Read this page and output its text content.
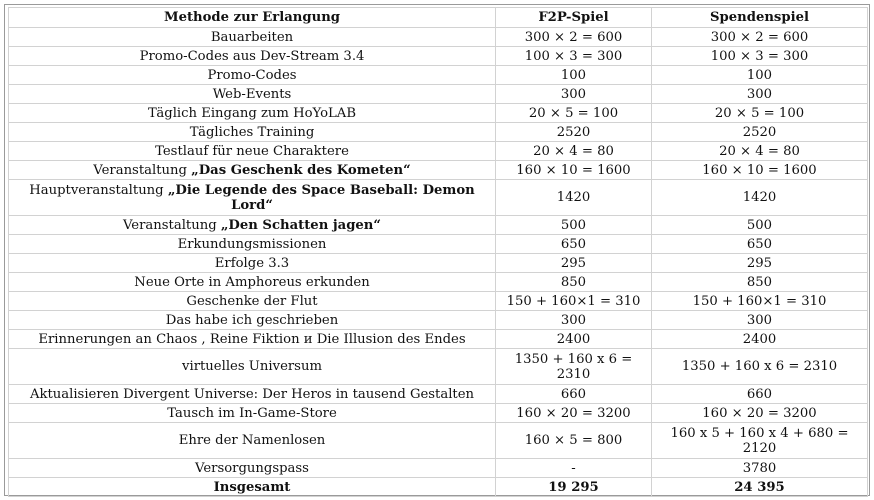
Methode zur Erlangung	F2P-Spiel	Spendenspiel
Bauarbeiten	300 × 2 = 600	300 × 2 = 600
Promo-Codes aus Dev-Stream 3.4	100 × 3 = 300	100 × 3 = 300
Promo-Codes	100	100
Web-Events	300	300
Täglich Eingang zum HoYoLAB	20 × 5 = 100	20 × 5 = 100
Tägliches Training	2520	2520
Testlauf für neue Charaktere	20 × 4 = 80	20 × 4 = 80
Veranstaltung „Das Geschenk des Kometen“	160 × 10 = 1600	160 × 10 = 1600
Hauptveranstaltung „Die Legende des Space Baseball: Demon Lord“	1420	1420
Veranstaltung „Den Schatten jagen“	500	500
Erkundungsmissionen	650	650
Erfolge 3.3	295	295
Neue Orte in Amphoreus erkunden	850	850
Geschenke der Flut	150 + 160×1 = 310	150 + 160×1 = 310
Das habe ich geschrieben	300	300
Erinnerungen an Chaos , Reine Fiktion и Die Illusion des Endes	2400	2400
virtuelles Universum	1350 + 160 x 6 = 2310	1350 + 160 x 6 = 2310
Aktualisieren Divergent Universe: Der Heros in tausend Gestalten	660	660
Tausch im In-Game-Store	160 × 20 = 3200	160 × 20 = 3200
Ehre der Namenlosen	160 × 5 = 800	160 x 5 + 160 x 4 + 680 = 2120
Versorgungspass	-	3780
Insgesamt	19 295	24 395
